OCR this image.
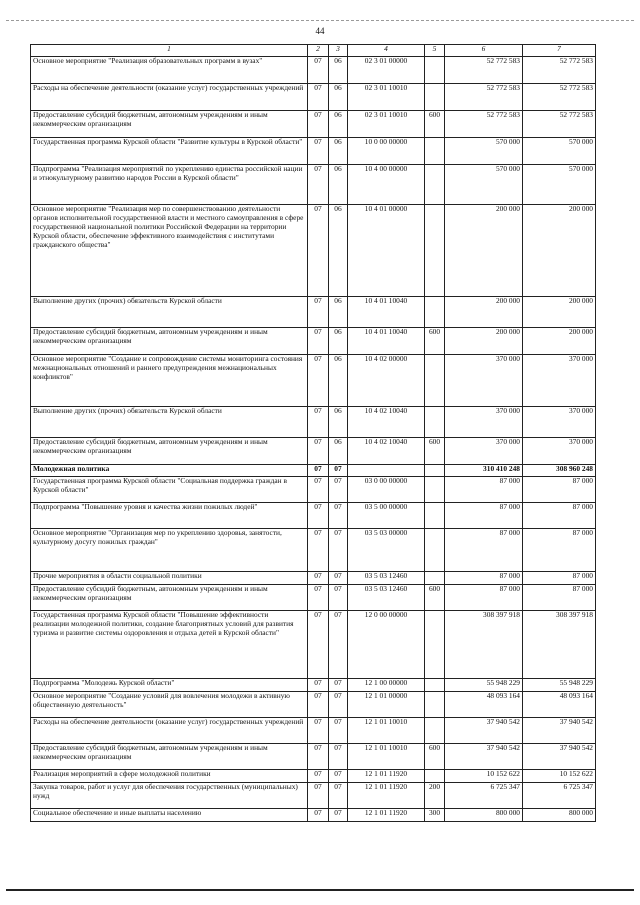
44
1	2	3	4	5	6	7
Основное мероприятие "Реализация образовательных программ в вузах"	07	06	02 3 01 00000		52 772 583	52 772 583
Расходы на обеспечение деятельности (оказание услуг) государственных учреждений	07	06	02 3 01 10010		52 772 583	52 772 583
Предоставление субсидий бюджетным, автономным учреждениям и иным некоммерческим организациям	07	06	02 3 01 10010	600	52 772 583	52 772 583
Государственная программа Курской области "Развитие культуры в Курской области"	07	06	10 0 00 00000		570 000	570 000
Подпрограмма "Реализация мероприятий по укреплению единства российской нации и этнокультурному развитию народов России в Курской области"	07	06	10 4 00 00000		570 000	570 000
Основное мероприятие "Реализация мер по совершенствованию деятельности органов исполнительной государственной власти и местного самоуправления в сфере государственной национальной политики Российской Федерации на территории Курской области, обеспечение эффективного взаимодействия с институтами гражданского общества"	07	06	10 4 01 00000		200 000	200 000
Выполнение других (прочих) обязательств Курской области	07	06	10 4 01 10040		200 000	200 000
Предоставление субсидий бюджетным, автономным учреждениям и иным некоммерческим организациям	07	06	10 4 01 10040	600	200 000	200 000
Основное мероприятие "Создание и сопровождение системы мониторинга состояния межнациональных отношений и раннего предупреждения межнациональных конфликтов"	07	06	10 4 02 00000		370 000	370 000
Выполнение других (прочих) обязательств Курской области	07	06	10 4 02 10040		370 000	370 000
Предоставление субсидий бюджетным, автономным учреждениям и иным некоммерческим организациям	07	06	10 4 02 10040	600	370 000	370 000
Молодежная политика	07	07			310 410 248	308 960 248
Государственная программа Курской области "Социальная поддержка граждан в Курской области"	07	07	03 0 00 00000		87 000	87 000
Подпрограмма "Повышение уровня и качества жизни пожилых людей"	07	07	03 5 00 00000		87 000	87 000
Основное мероприятие "Организация мер по укреплению здоровья, занятости, культурному досугу пожилых граждан"	07	07	03 5 03 00000		87 000	87 000
Прочие мероприятия в области социальной политики	07	07	03 5 03 12460		87 000	87 000
Предоставление субсидий бюджетным, автономным учреждениям и иным некоммерческим организациям	07	07	03 5 03 12460	600	87 000	87 000
Государственная программа Курской области "Повышение эффективности реализации молодежной политики, создание благоприятных условий для развития туризма и развитие системы оздоровления и отдыха детей в Курской области"	07	07	12 0 00 00000		308 397 918	308 397 918
Подпрограмма "Молодежь Курской области"	07	07	12 1 00 00000		55 948 229	55 948 229
Основное мероприятие "Создание условий для вовлечения молодежи в активную общественную деятельность"	07	07	12 1 01 00000		48 093 164	48 093 164
Расходы на обеспечение деятельности (оказание услуг) государственных учреждений	07	07	12 1 01 10010		37 940 542	37 940 542
Предоставление субсидий бюджетным, автономным учреждениям и иным некоммерческим организациям	07	07	12 1 01 10010	600	37 940 542	37 940 542
Реализация мероприятий в сфере молодежной политики	07	07	12 1 01 11920		10 152 622	10 152 622
Закупка товаров, работ и услуг для обеспечения государственных (муниципальных) нужд	07	07	12 1 01 11920	200	6 725 347	6 725 347
Социальное обеспечение и иные выплаты населению	07	07	12 1 01 11920	300	800 000	800 000
